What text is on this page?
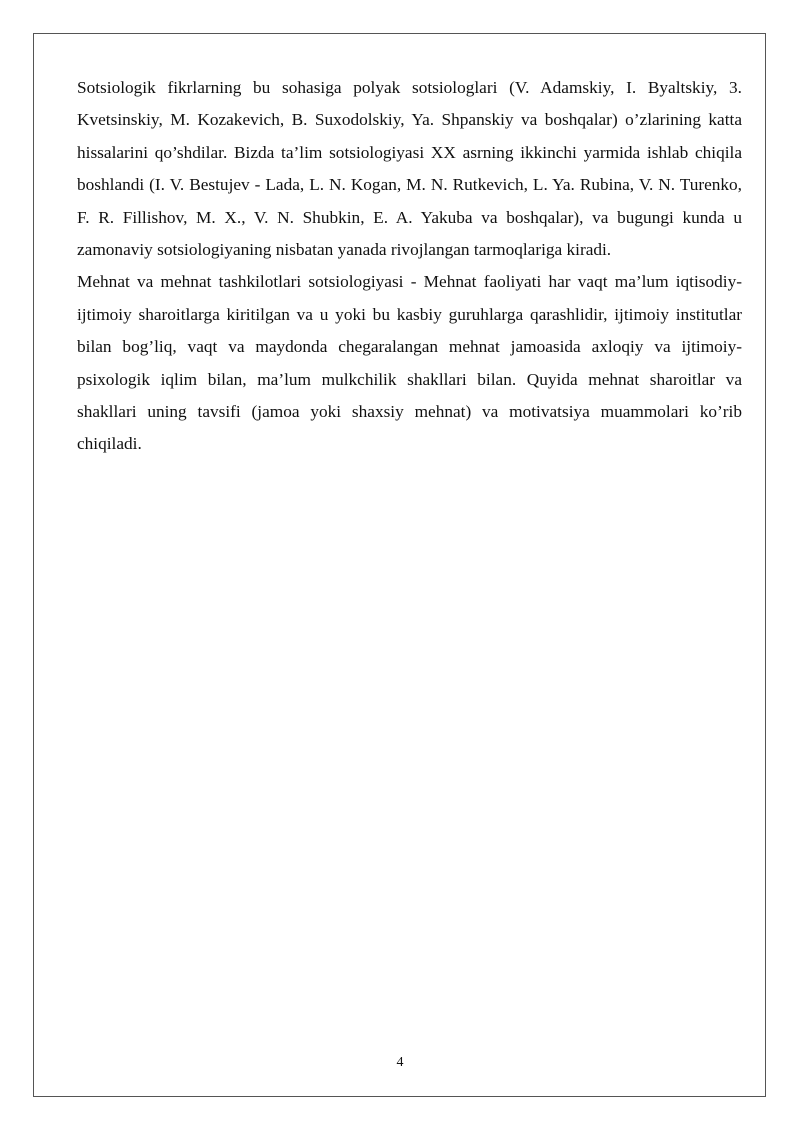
Sotsiologik fikrlarning bu sohasiga polyak sotsiologlari (V. Adamskiy, I. Byaltskiy, 3. Kvetsinskiy, M. Kozakevich, B. Suxodolskiy, Ya. Shpanskiy va boshqalar) o’zlarining katta hissalarini qo’shdilar. Bizda ta’lim sotsiologiyasi XX asrning ikkinchi yarmida ishlab chiqila boshlandi (I. V. Bestujev - Lada, L. N. Kogan, M. N. Rutkevich, L. Ya. Rubina, V. N. Turenko, F. R. Fillishov, M. X., V. N. Shubkin, E. A. Yakuba va boshqalar), va bugungi kunda u zamonaviy sotsiologiyaning nisbatan yanada rivojlangan tarmoqlariga kiradi.

Mehnat va mehnat tashkilotlari sotsiologiyasi - Mehnat faoliyati har vaqt ma’lum iqtisodiy-ijtimoiy sharoitlarga kiritilgan va u yoki bu kasbiy guruhlarga qarashlidir, ijtimoiy institutlar bilan bog’liq, vaqt va maydonda chegaralangan mehnat jamoasida axloqiy va ijtimoiy-psixologik iqlim bilan, ma’lum mulkchilik shakllari bilan. Quyida mehnat sharoitlar va shakllari uning tavsifi (jamoa yoki shaxsiy mehnat) va motivatsiya muammolari ko’rib chiqiladi.

4
